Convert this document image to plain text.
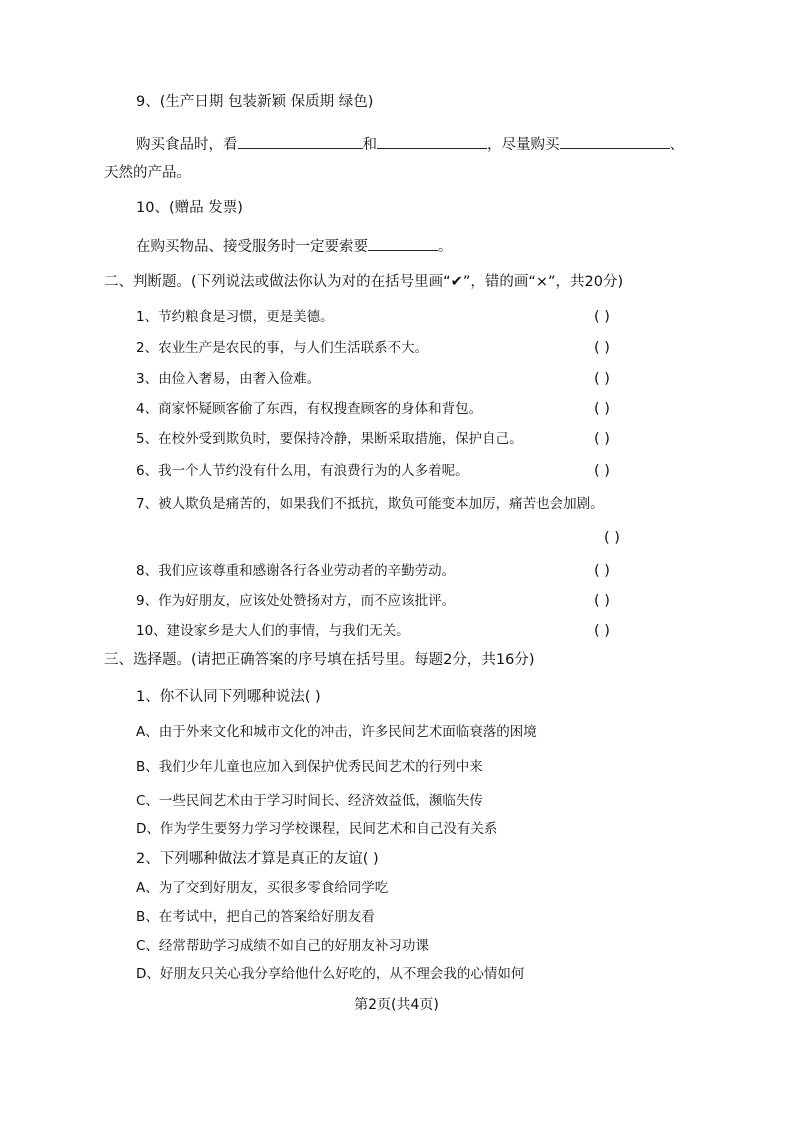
9、(生产日期 包装新颖 保质期 绿色)
购买食品时，看	和	，尽量购买	、
天然的产品。
10、(赠品 发票)
在购买物品、接受服务时一定要索要	。
二、判断题。(下列说法或做法你认为对的在括号里画“✔”，错的画“×”，共20分)
1、节约粮食是习惯，更是美德。	( )
2、农业生产是农民的事，与人们生活联系不大。	( )
3、由俭入奢易，由奢入俭难。	( )
4、商家怀疑顾客偷了东西，有权搜查顾客的身体和背包。	( )
5、在校外受到欺负时，要保持冷静，果断采取措施，保护自己。	( )
6、我一个人节约没有什么用，有浪费行为的人多着呢。	( )
7、被人欺负是痛苦的，如果我们不抵抗，欺负可能变本加厉，痛苦也会加剧。
( )
8、我们应该尊重和感谢各行各业劳动者的辛勤劳动。	( )
9、作为好朋友，应该处处赞扬对方，而不应该批评。	( )
10、建设家乡是大人们的事情，与我们无关。	( )
三、选择题。(请把正确答案的序号填在括号里。每题2分，共16分)
1、你不认同下列哪种说法( )
A、由于外来文化和城市文化的冲击，许多民间艺术面临衰落的困境
B、我们少年儿童也应加入到保护优秀民间艺术的行列中来
C、一些民间艺术由于学习时间长、经济效益低，濒临失传
D、作为学生要努力学习学校课程，民间艺术和自己没有关系
2、下列哪种做法才算是真正的友谊( )
A、为了交到好朋友，买很多零食给同学吃
B、在考试中，把自己的答案给好朋友看
C、经常帮助学习成绩不如自己的好朋友补习功课
D、好朋友只关心我分享给他什么好吃的，从不理会我的心情如何
第2页(共4页)
